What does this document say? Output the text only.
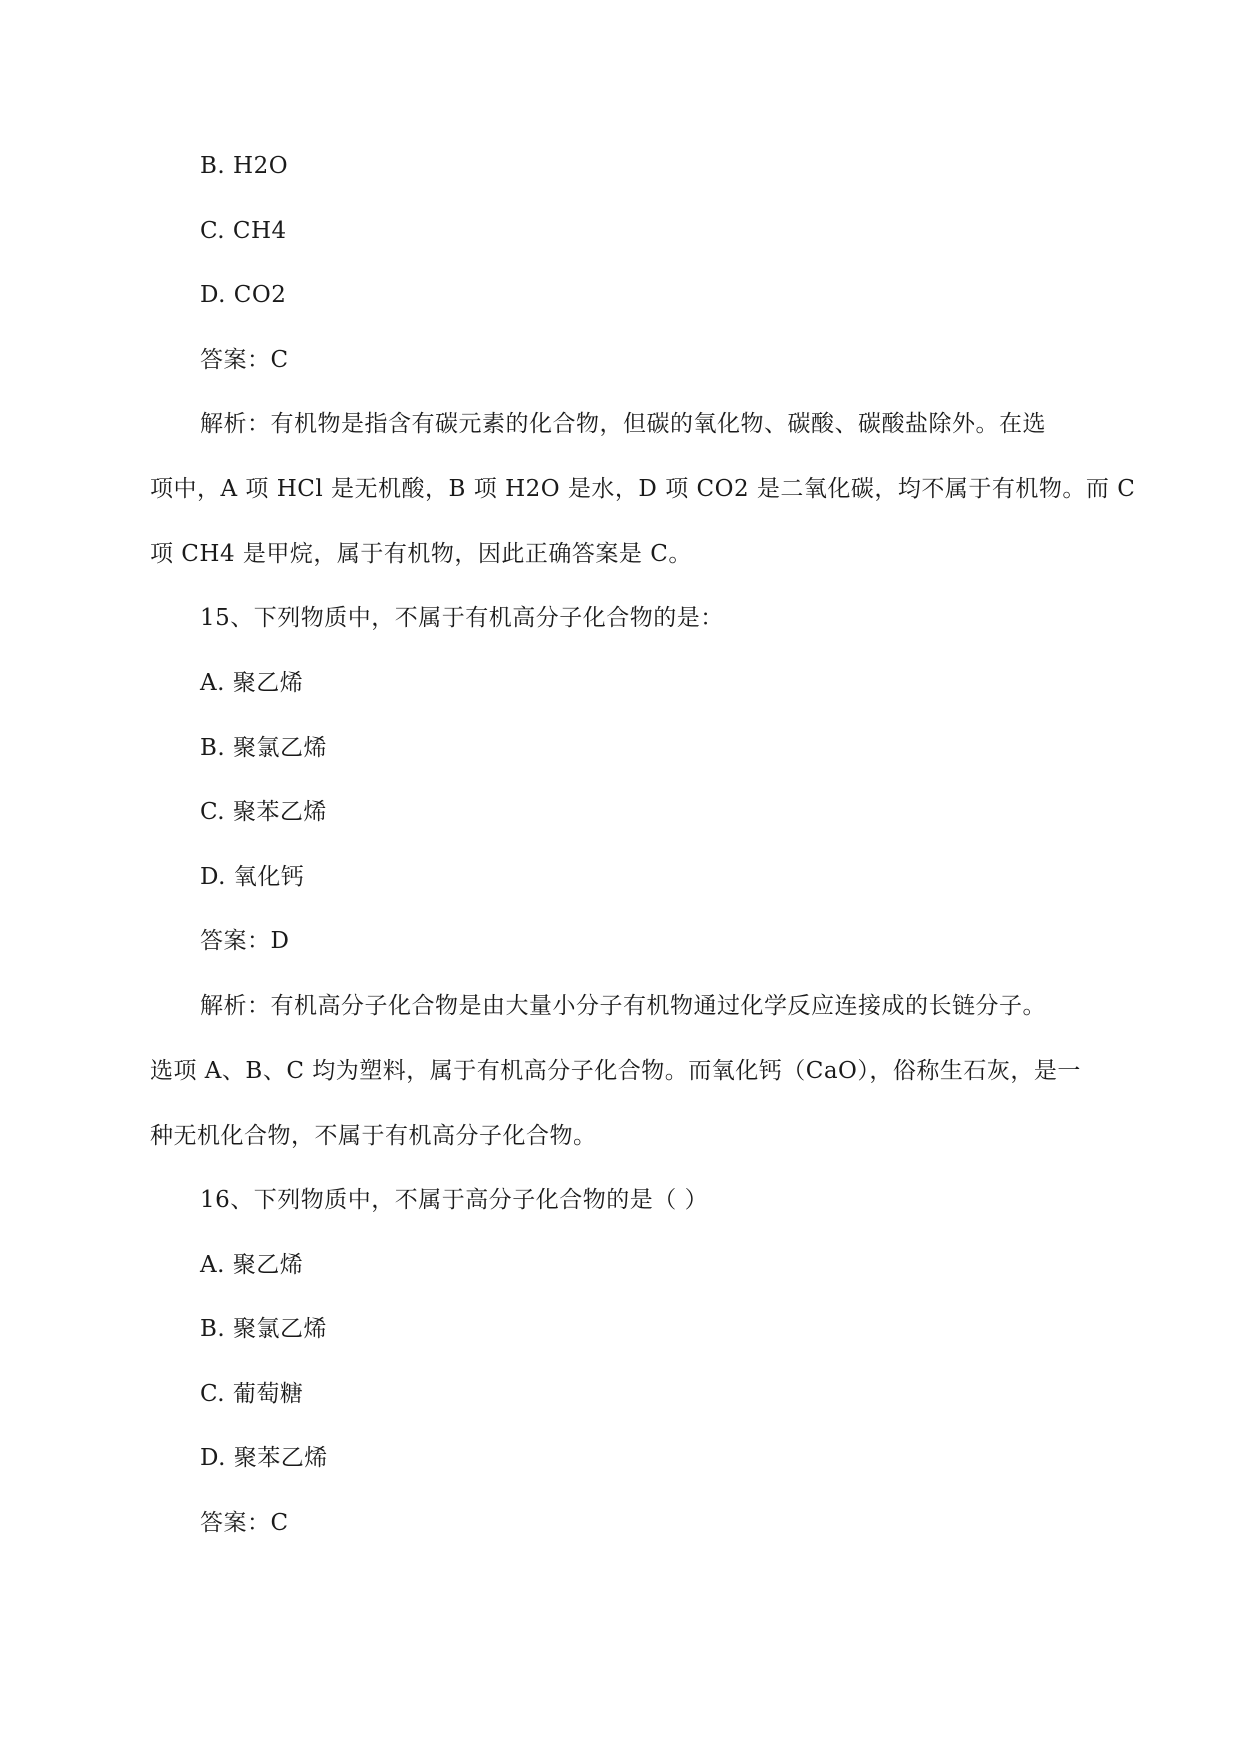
B. H2O
C. CH4
D. CO2
答案：C
解析：有机物是指含有碳元素的化合物，但碳的氧化物、碳酸、碳酸盐除外。在选
项中，A 项 HCl 是无机酸，B 项 H2O 是水，D 项 CO2 是二氧化碳，均不属于有机物。而 C
项 CH4 是甲烷，属于有机物，因此正确答案是 C。
15、下列物质中，不属于有机高分子化合物的是：
A. 聚乙烯
B. 聚氯乙烯
C. 聚苯乙烯
D. 氧化钙
答案：D
解析：有机高分子化合物是由大量小分子有机物通过化学反应连接成的长链分子。
选项 A、B、C 均为塑料，属于有机高分子化合物。而氧化钙（CaO），俗称生石灰，是一
种无机化合物，不属于有机高分子化合物。
16、下列物质中，不属于高分子化合物的是（ ）
A. 聚乙烯
B. 聚氯乙烯
C. 葡萄糖
D. 聚苯乙烯
答案：C
